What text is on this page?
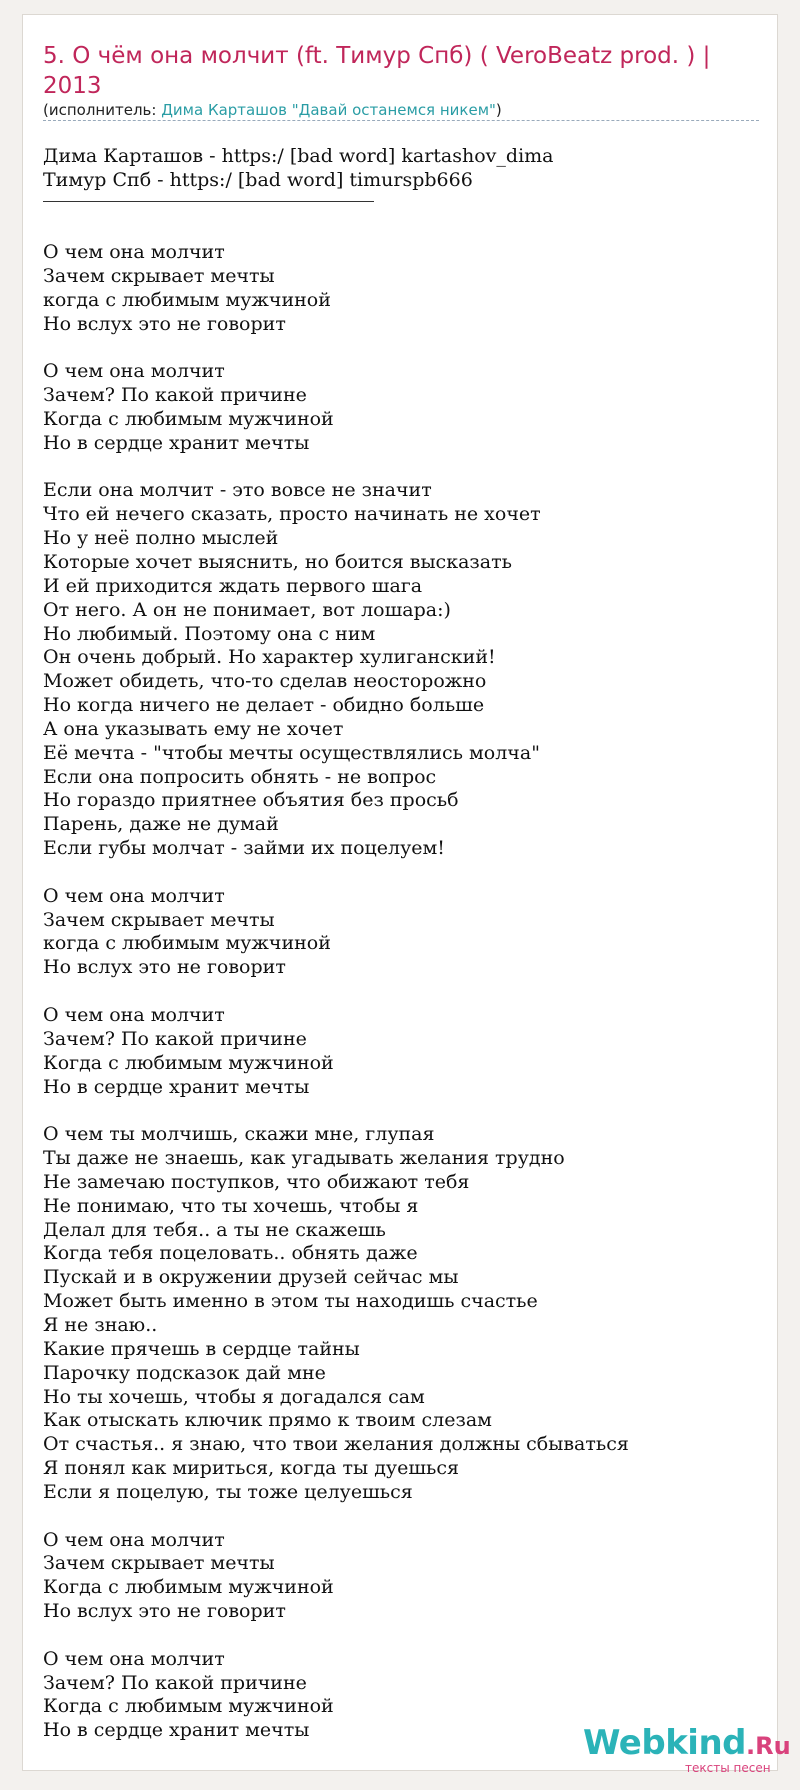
5. О чём она молчит (ft. Тимур Спб) ( VeroBeatz prod. ) | 2013
(исполнитель: Дима Карташов "Давай останемся никем")
Дима Карташов - https:/ [bad word] kartashov_dima
Тимур Спб - https:/ [bad word] timurspb666
О чем она молчит
Зачем скрывает мечты
когда с любимым мужчиной
Но вслух это не говорит
О чем она молчит
Зачем? По какой причине
Когда с любимым мужчиной
Но в сердце хранит мечты
Если она молчит - это вовсе не значит
Что ей нечего сказать, просто начинать не хочет
Но у неё полно мыслей
Которые хочет выяснить, но боится высказать
И ей приходится ждать первого шага
От него. А он не понимает, вот лошара:)
Но любимый. Поэтому она с ним
Он очень добрый. Но характер хулиганский!
Может обидеть, что-то сделав неосторожно
Но когда ничего не делает - обидно больше
А она указывать ему не хочет
Её мечта - "чтобы мечты осуществлялись молча"
Если она попросить обнять - не вопрос
Но гораздо приятнее объятия без просьб
Парень, даже не думай
Если губы молчат - займи их поцелуем!
О чем она молчит
Зачем скрывает мечты
когда с любимым мужчиной
Но вслух это не говорит
О чем она молчит
Зачем? По какой причине
Когда с любимым мужчиной
Но в сердце хранит мечты
О чем ты молчишь, скажи мне, глупая
Ты даже не знаешь, как угадывать желания трудно
Не замечаю поступков, что обижают тебя
Не понимаю, что ты хочешь, чтобы я
Делал для тебя.. а ты не скажешь
Когда тебя поцеловать.. обнять даже
Пускай и в окружении друзей сейчас мы
Может быть именно в этом ты находишь счастье
Я не знаю..
Какие прячешь в сердце тайны
Парочку подсказок дай мне
Но ты хочешь, чтобы я догадался сам
Как отыскать ключик прямо к твоим слезам
От счастья.. я знаю, что твои желания должны сбываться
Я понял как мириться, когда ты дуешься
Если я поцелую, ты тоже целуешься
О чем она молчит
Зачем скрывает мечты
Когда с любимым мужчиной
Но вслух это не говорит
О чем она молчит
Зачем? По какой причине
Когда с любимым мужчиной
Но в сердце хранит мечты	Webkind.Ru
тексты песен
